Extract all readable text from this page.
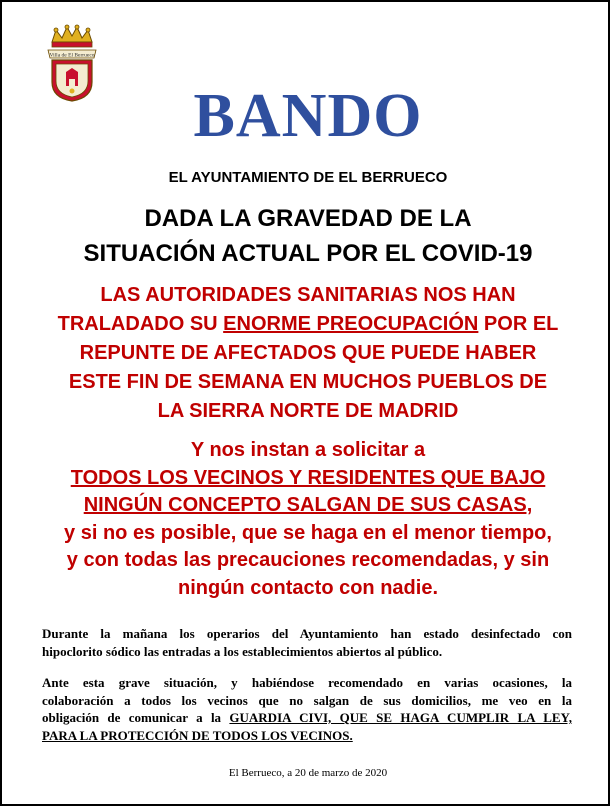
Villa de El Berrueco
BANDO
EL AYUNTAMIENTO DE EL BERRUECO
DADA LA GRAVEDAD DE LA
SITUACIÓN ACTUAL POR EL COVID-19
LAS AUTORIDADES SANITARIAS NOS HAN
TRALADADO SU ENORME PREOCUPACIÓN POR EL
REPUNTE DE AFECTADOS QUE PUEDE HABER
ESTE FIN DE SEMANA EN MUCHOS PUEBLOS DE
LA SIERRA NORTE DE MADRID
Y nos instan a solicitar a
TODOS LOS VECINOS Y RESIDENTES QUE BAJO
NINGÚN CONCEPTO SALGAN DE SUS CASAS,
y si no es posible, que se haga en el menor tiempo,
y con todas las precauciones recomendadas, y sin
ningún contacto con nadie.
Durante la mañana los operarios del Ayuntamiento han estado desinfectado con
hipoclorito sódico las entradas a los establecimientos abiertos al público.
Ante esta grave situación, y habiéndose recomendado en varias ocasiones, la
colaboración a todos los vecinos que no salgan de sus domicilios, me veo en la
obligación de comunicar a la GUARDIA CIVI, QUE SE HAGA CUMPLIR LA LEY,
PARA LA PROTECCIÓN DE TODOS LOS VECINOS.
El Berrueco, a 20 de marzo de 2020
